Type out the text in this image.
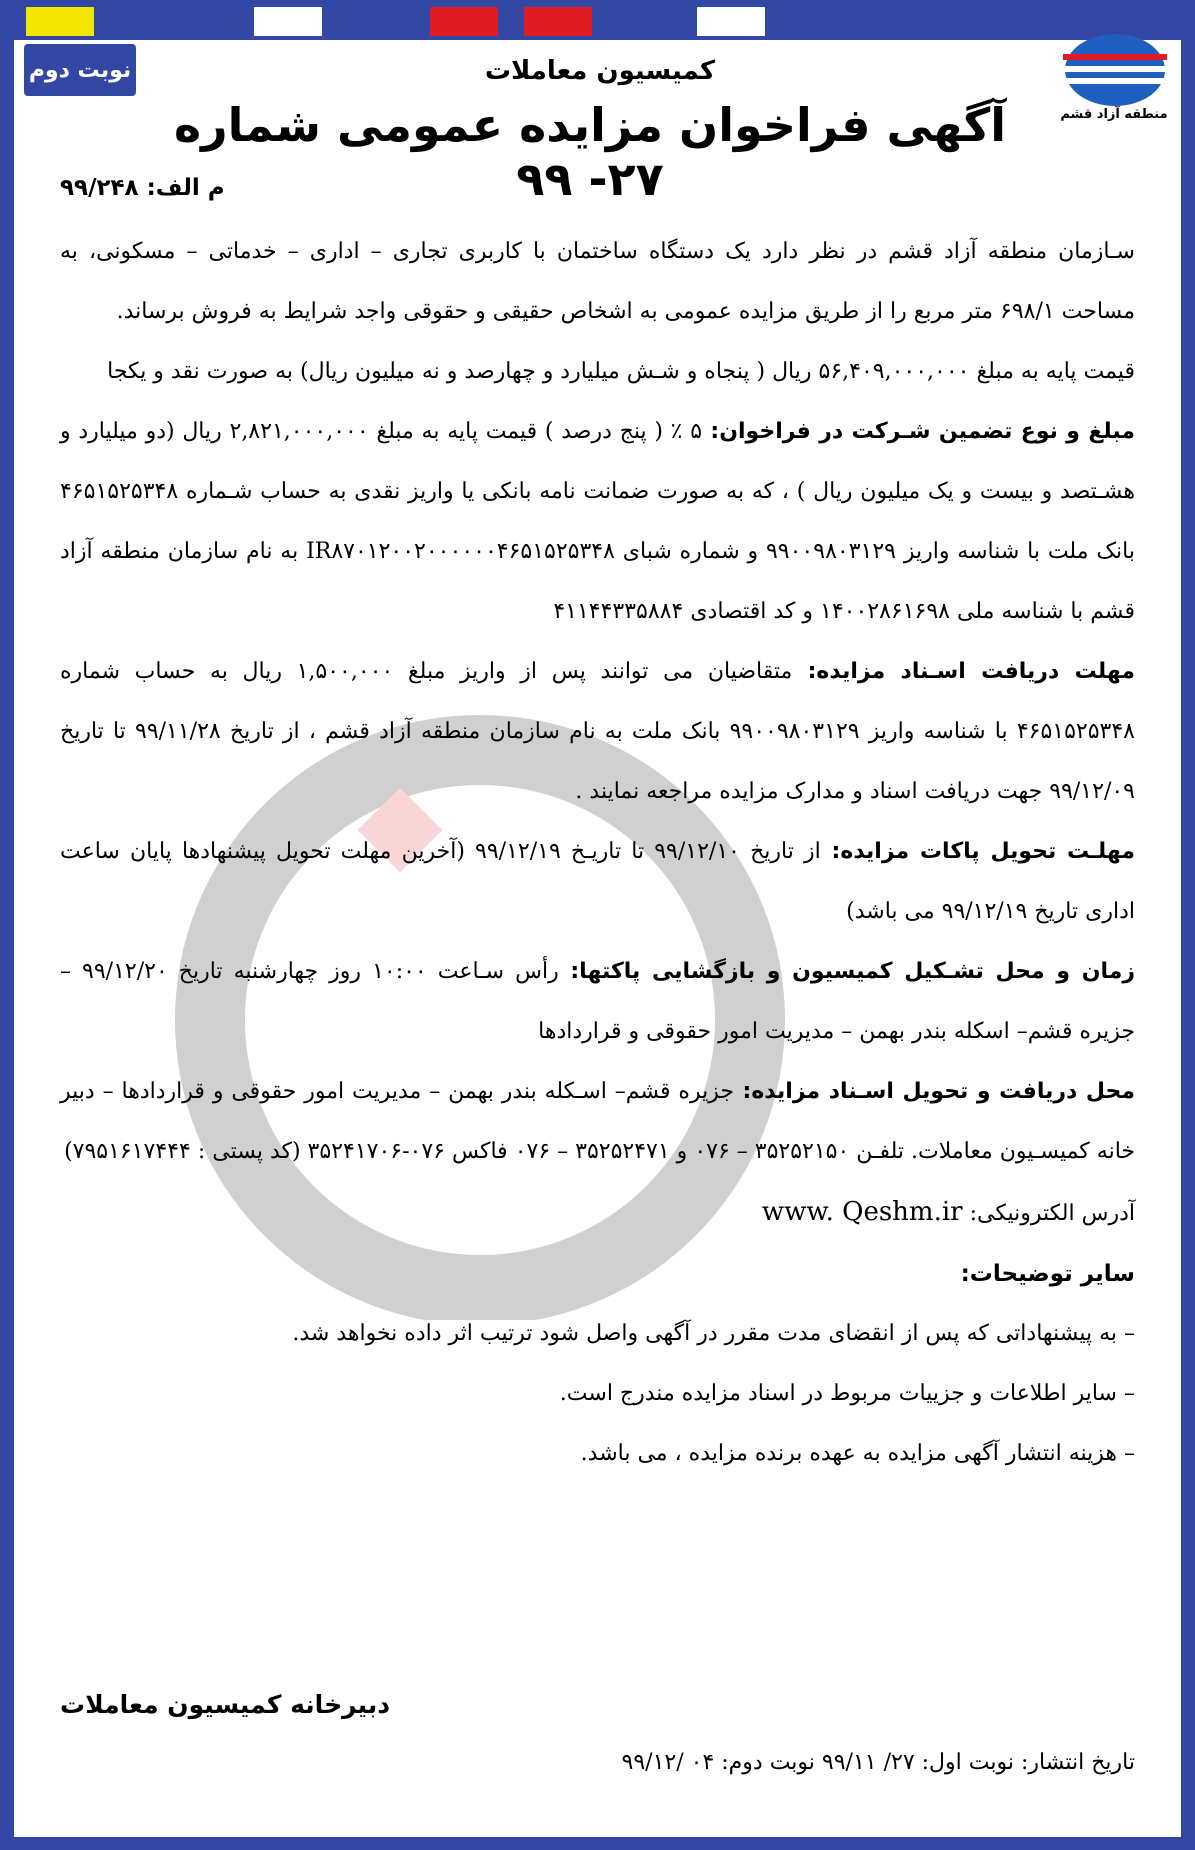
نوبت دوم
منطقه آزاد قشم
کمیسیون معاملات
آگهی فراخوان مزایده عمومی شماره ۲۷- ۹۹
م الف: ۹۹/۲۴۸

سـازمان منطقه آزاد قشم در نظر دارد یک دستگاه ساختمان با کاربری تجاری – اداری – خدماتی – مسکونی، به مساحت ۶۹۸/۱ متر مربع را از طریق مزایده عمومی به اشخاص حقیقی و حقوقی واجد شرایط به فروش برساند.

قیمت پایه به مبلغ ۵۶,۴۰۹,۰۰۰,۰۰۰ ریال ( پنجاه و شـش میلیارد و چهارصد و نه میلیون ریال) به صورت نقد و یکجا

مبلغ و نوع تضمین شـرکت در فراخوان: ۵ ٪ ( پنج درصد ) قیمت پایه به مبلغ ۲,۸۲۱,۰۰۰,۰۰۰ ریال (دو میلیارد و هشـتصد و بیست و یک میلیون ریال ) ، که به صورت ضمانت نامه بانکی یا واریز نقدی به حساب شـماره ۴۶۵۱۵۲۵۳۴۸ بانک ملت با شناسه واریز ۹۹۰۰۹۸۰۳۱۲۹ و شماره شبای IR۸۷۰۱۲۰۰۲۰۰۰۰۰۰۴۶۵۱۵۲۵۳۴۸ به نام سازمان منطقه آزاد قشم با شناسه ملی ۱۴۰۰۲۸۶۱۶۹۸ و کد اقتصادی ۴۱۱۴۴۳۳۵۸۸۴

مهلت دریافت اسـناد مزایده: متقاضیان می توانند پس از واریز مبلغ ۱,۵۰۰,۰۰۰ ریال به حساب شماره ۴۶۵۱۵۲۵۳۴۸ با شناسه واریز ۹۹۰۰۹۸۰۳۱۲۹ بانک ملت به نام سازمان منطقه آزاد قشم ، از تاریخ ۹۹/۱۱/۲۸ تا تاریخ ۹۹/۱۲/۰۹ جهت دریافت اسناد و مدارک مزایده مراجعه نمایند .

مهلـت تحویل پاکات مزایده: از تاریخ ۹۹/۱۲/۱۰ تا تاریـخ ۹۹/۱۲/۱۹ (آخرین مهلت تحویل پیشنهادها پایان ساعت اداری تاریخ ۹۹/۱۲/۱۹ می باشد)

زمان و محل تشـکیل کمیسیون و بازگشایی پاکتها: رأس سـاعت ۱۰:۰۰ روز چهارشنبه تاریخ ۹۹/۱۲/۲۰ – جزیره قشم– اسکله بندر بهمن – مدیریت امور حقوقی و قراردادها

محل دریافت و تحویل اسـناد مزایده: جزیره قشم– اسـکله بندر بهمن – مدیریت امور حقوقی و قراردادها – دبیر خانه کمیسـیون معاملات. تلفـن ۳۵۲۵۲۱۵۰ – ۰۷۶ و ۳۵۲۵۲۴۷۱ – ۰۷۶ فاکس ۰۷۶-۳۵۲۴۱۷۰۶ (کد پستی : ۷۹۵۱۶۱۷۴۴۴)

آدرس الکترونیکی: www. Qeshm.ir

سایر توضیحات:

– به پیشنهاداتی که پس از انقضای مدت مقرر در آگهی واصل شود ترتیب اثر داده نخواهد شد.

– سایر اطلاعات و جزییات مربوط در اسناد مزایده مندرج است.

– هزینه انتشار آگهی مزایده به عهده برنده مزایده ، می باشد.

دبیرخانه کمیسیون معاملات
تاریخ انتشار: نوبت اول: ۲۷/ ۹۹/۱۱ نوبت دوم: ۰۴ /۹۹/۱۲
